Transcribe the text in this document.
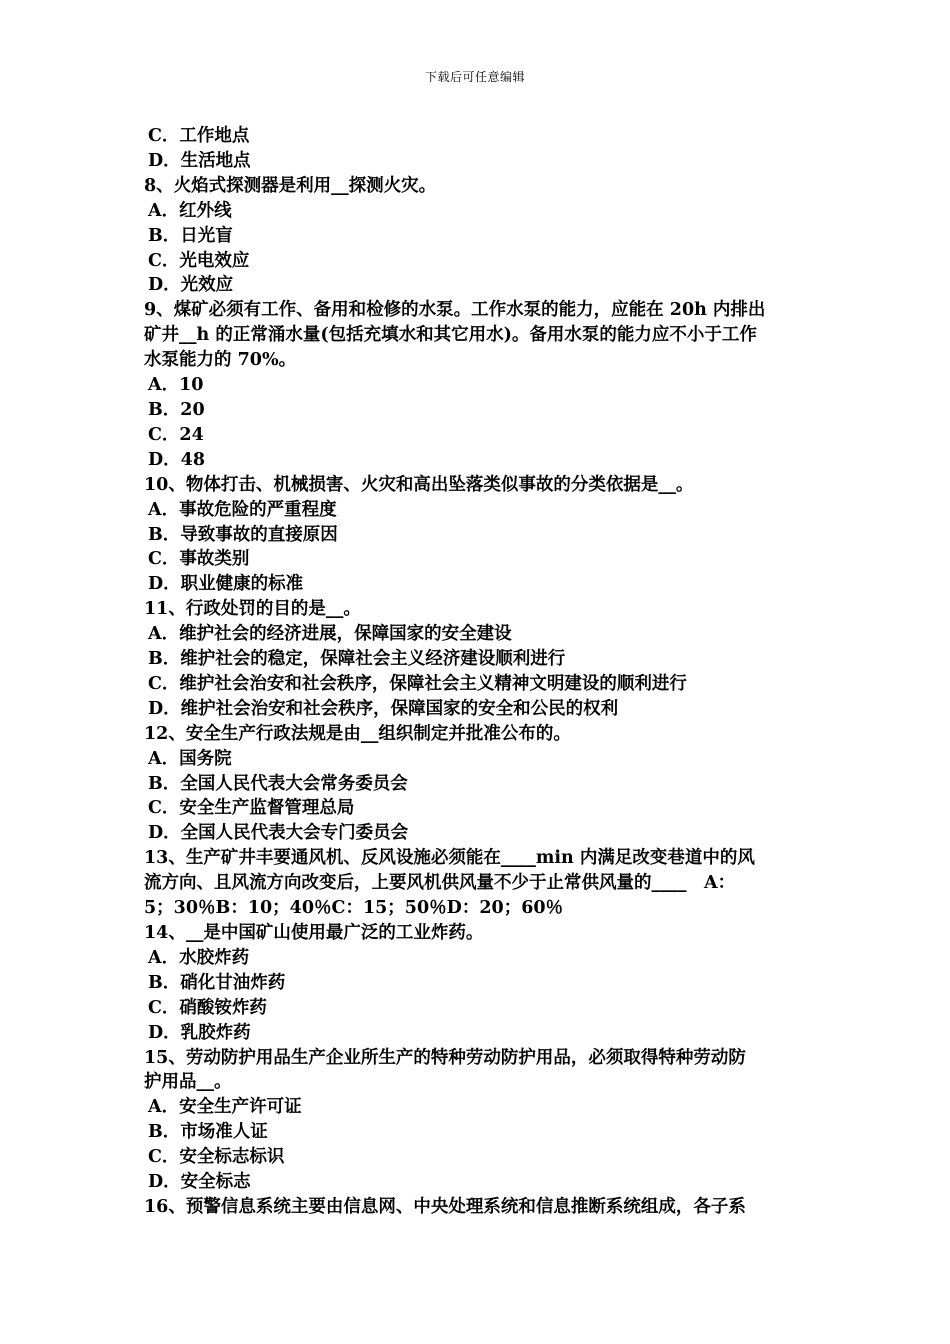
下载后可任意编辑
C．工作地点
D．生活地点
8、火焰式探测器是利用__探测火灾。
A．红外线
B．日光盲
C．光电效应
D．光效应
9、煤矿必须有工作、备用和检修的水泵。工作水泵的能力，应能在 20h 内排出
矿井__h 的正常涌水量(包括充填水和其它用水)。备用水泵的能力应不小于工作
水泵能力的 70%。
A．10
B．20
C．24
D．48
10、物体打击、机械损害、火灾和高出坠落类似事故的分类依据是__。
A．事故危险的严重程度
B．导致事故的直接原因
C．事故类别
D．职业健康的标准
11、行政处罚的目的是__。
A．维护社会的经济进展，保障国家的安全建设
B．维护社会的稳定，保障社会主义经济建设顺利进行
C．维护社会治安和社会秩序，保障社会主义精神文明建设的顺利进行
D．维护社会治安和社会秩序，保障国家的安全和公民的权利
12、安全生产行政法规是由__组织制定并批准公布的。
A．国务院
B．全国人民代表大会常务委员会
C．安全生产监督管理总局
D．全国人民代表大会专门委员会
13、生产矿井丰要通风机、反风设施必须能在____min 内满足改变巷道中的风
流方向、且风流方向改变后，上要风机供风量不少于止常供风量的____　A：
5；30％B：10；40％C：15；50％D：20；60％
14、__是中国矿山使用最广泛的工业炸药。
A．水胶炸药
B．硝化甘油炸药
C．硝酸铵炸药
D．乳胶炸药
15、劳动防护用品生产企业所生产的特种劳动防护用品，必须取得特种劳动防
护用品__。
A．安全生产许可证
B．市场准人证
C．安全标志标识
D．安全标志
16、预警信息系统主要由信息网、中央处理系统和信息推断系统组成，各子系
